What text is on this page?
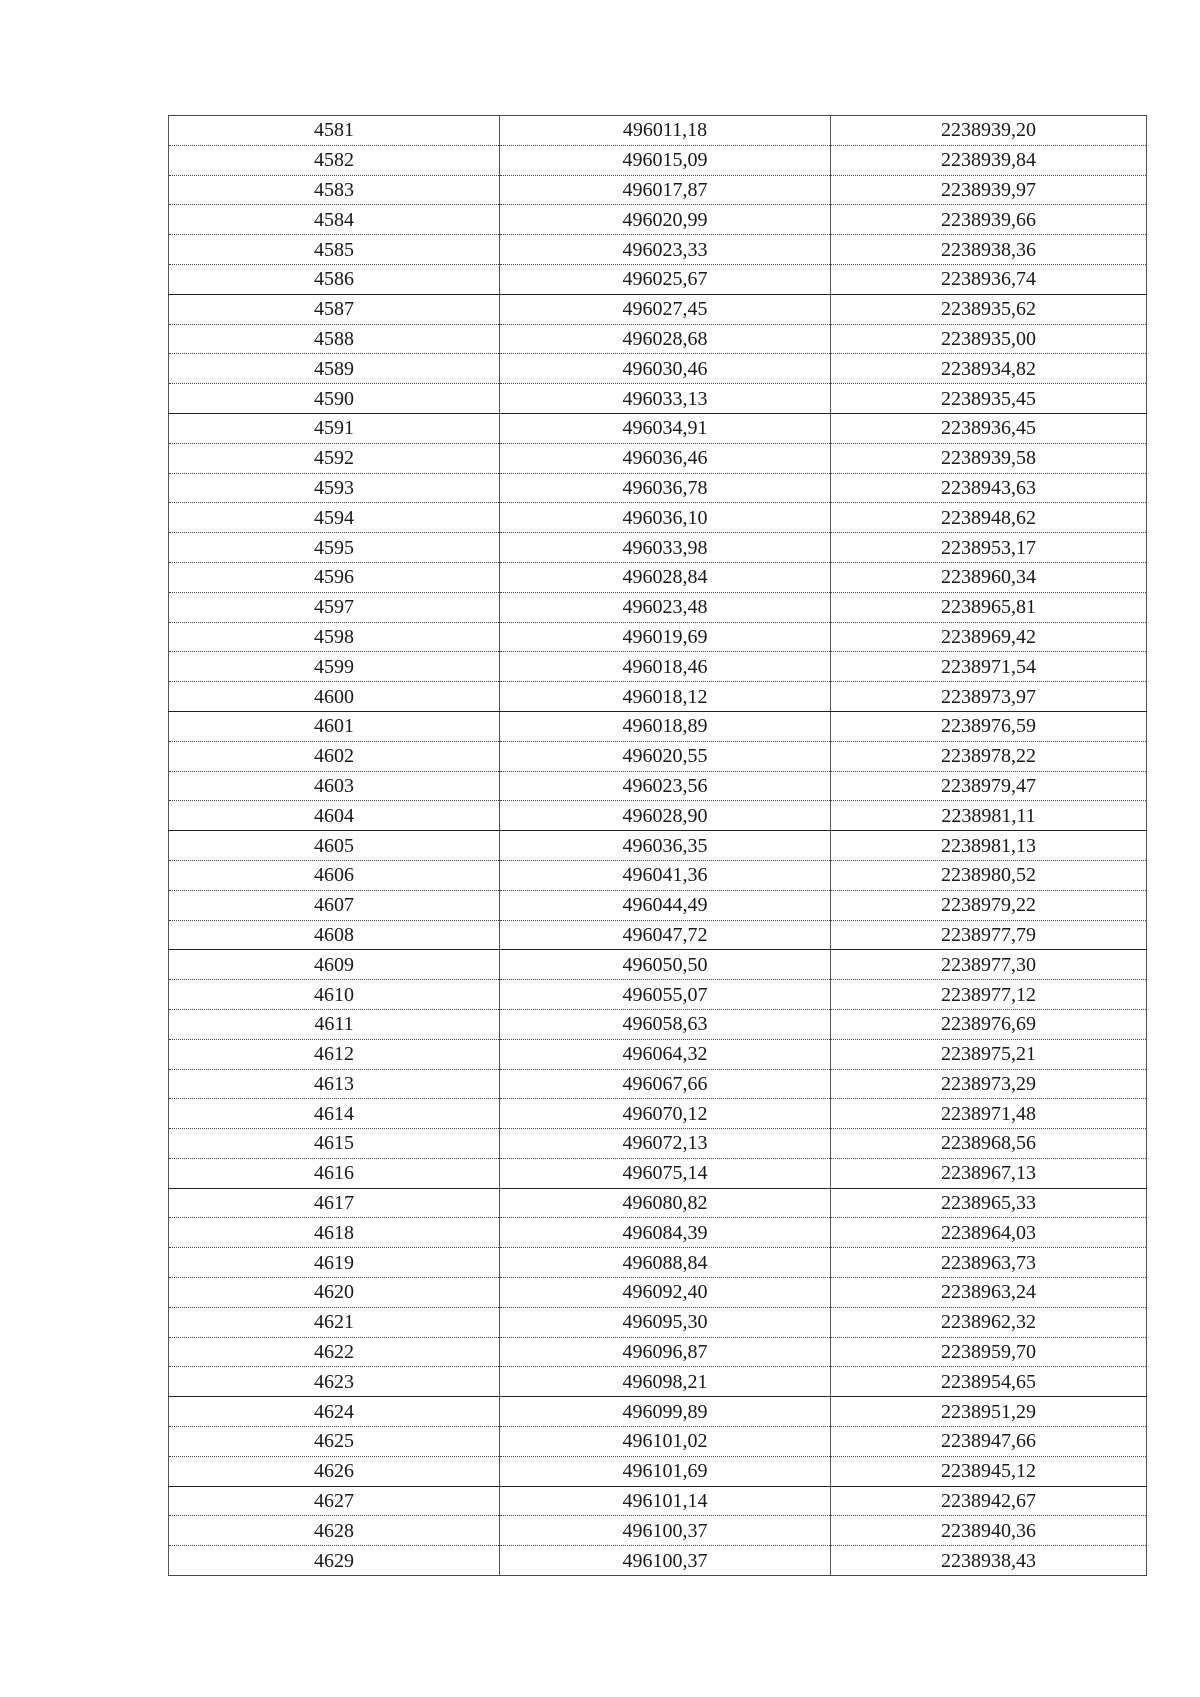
4581	496011,18	2238939,20
4582	496015,09	2238939,84
4583	496017,87	2238939,97
4584	496020,99	2238939,66
4585	496023,33	2238938,36
4586	496025,67	2238936,74
4587	496027,45	2238935,62
4588	496028,68	2238935,00
4589	496030,46	2238934,82
4590	496033,13	2238935,45
4591	496034,91	2238936,45
4592	496036,46	2238939,58
4593	496036,78	2238943,63
4594	496036,10	2238948,62
4595	496033,98	2238953,17
4596	496028,84	2238960,34
4597	496023,48	2238965,81
4598	496019,69	2238969,42
4599	496018,46	2238971,54
4600	496018,12	2238973,97
4601	496018,89	2238976,59
4602	496020,55	2238978,22
4603	496023,56	2238979,47
4604	496028,90	2238981,11
4605	496036,35	2238981,13
4606	496041,36	2238980,52
4607	496044,49	2238979,22
4608	496047,72	2238977,79
4609	496050,50	2238977,30
4610	496055,07	2238977,12
4611	496058,63	2238976,69
4612	496064,32	2238975,21
4613	496067,66	2238973,29
4614	496070,12	2238971,48
4615	496072,13	2238968,56
4616	496075,14	2238967,13
4617	496080,82	2238965,33
4618	496084,39	2238964,03
4619	496088,84	2238963,73
4620	496092,40	2238963,24
4621	496095,30	2238962,32
4622	496096,87	2238959,70
4623	496098,21	2238954,65
4624	496099,89	2238951,29
4625	496101,02	2238947,66
4626	496101,69	2238945,12
4627	496101,14	2238942,67
4628	496100,37	2238940,36
4629	496100,37	2238938,43
